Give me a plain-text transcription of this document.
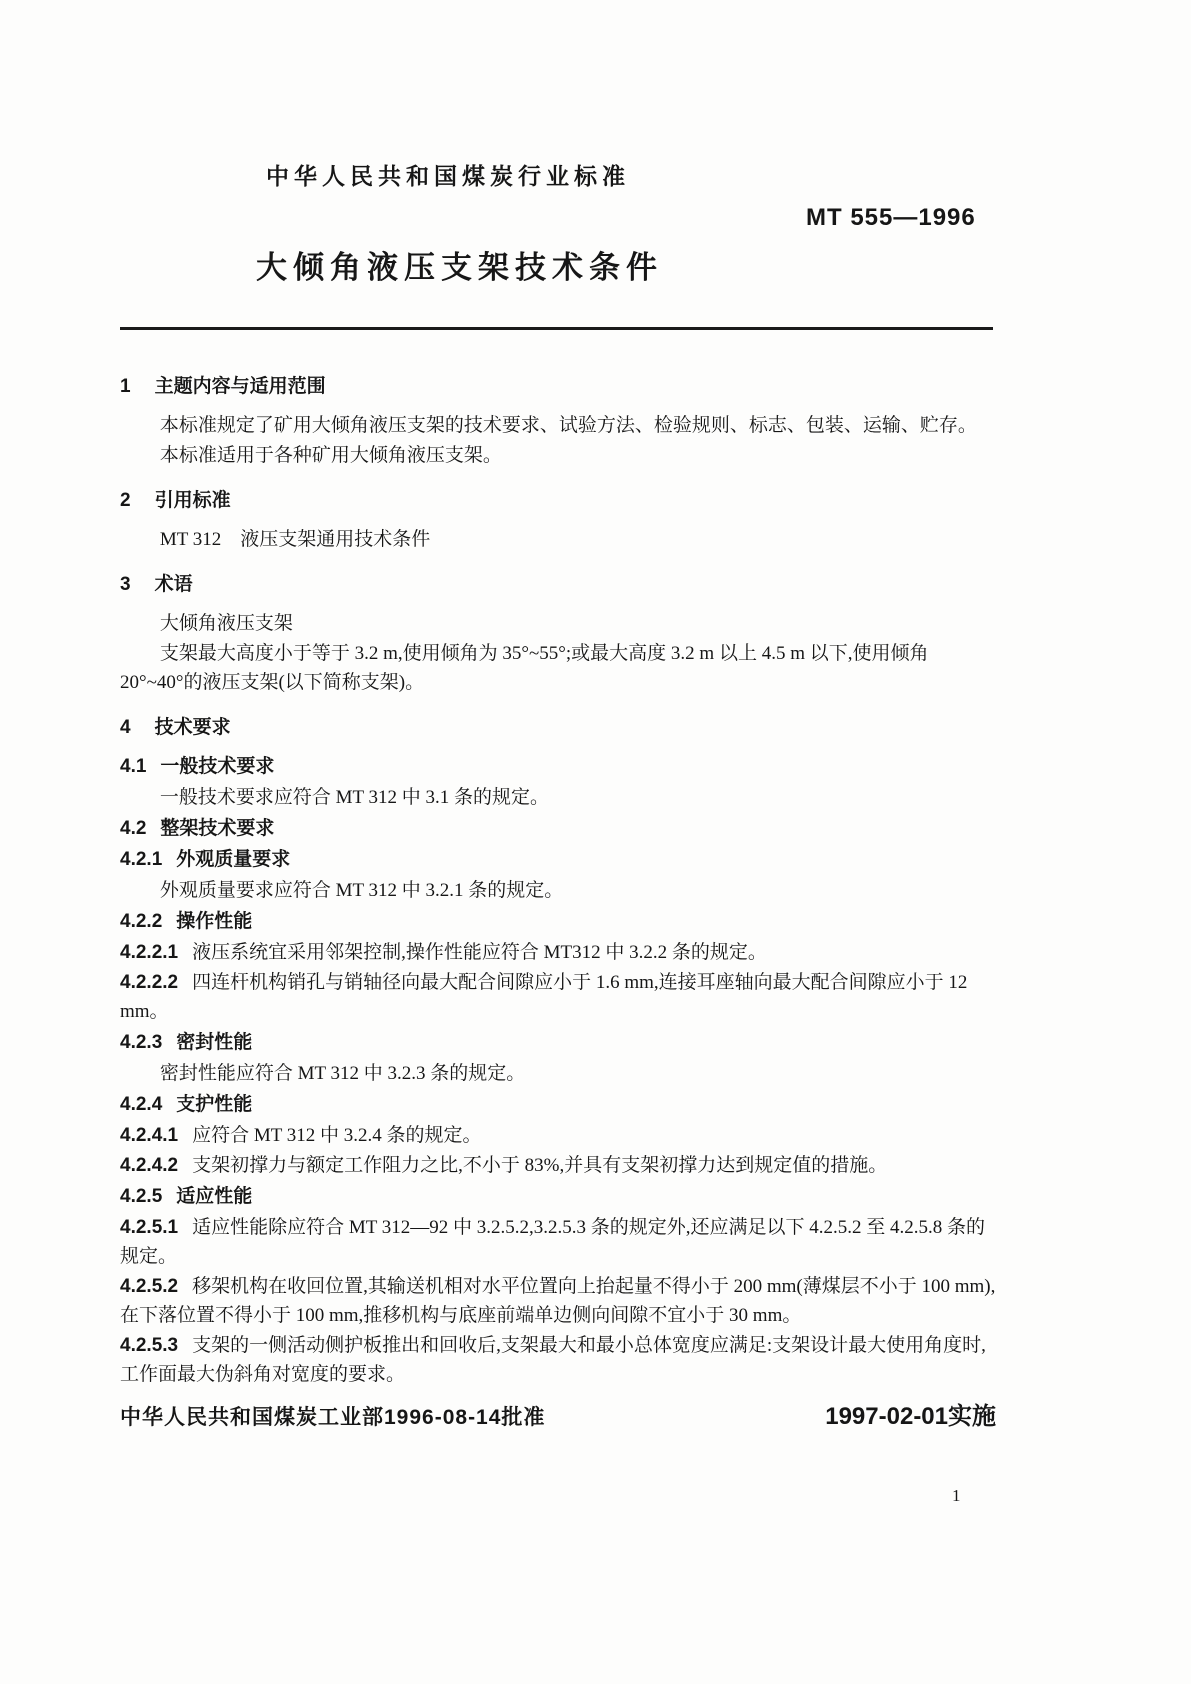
中华人民共和国煤炭行业标准
MT 555—1996
大倾角液压支架技术条件
1 主题内容与适用范围
本标准规定了矿用大倾角液压支架的技术要求、试验方法、检验规则、标志、包装、运输、贮存。
本标准适用于各种矿用大倾角液压支架。
2 引用标准
MT 312　液压支架通用技术条件
3 术语
大倾角液压支架
支架最大高度小于等于 3.2 m,使用倾角为 35°~55°;或最大高度 3.2 m 以上 4.5 m 以下,使用倾角 20°~40°的液压支架(以下简称支架)。
4 技术要求
4.1 一般技术要求
一般技术要求应符合 MT 312 中 3.1 条的规定。
4.2 整架技术要求
4.2.1 外观质量要求
外观质量要求应符合 MT 312 中 3.2.1 条的规定。
4.2.2 操作性能
4.2.2.1 液压系统宜采用邻架控制,操作性能应符合 MT312 中 3.2.2 条的规定。
4.2.2.2 四连杆机构销孔与销轴径向最大配合间隙应小于 1.6 mm,连接耳座轴向最大配合间隙应小于 12 mm。
4.2.3 密封性能
密封性能应符合 MT 312 中 3.2.3 条的规定。
4.2.4 支护性能
4.2.4.1 应符合 MT 312 中 3.2.4 条的规定。
4.2.4.2 支架初撑力与额定工作阻力之比,不小于 83%,并具有支架初撑力达到规定值的措施。
4.2.5 适应性能
4.2.5.1 适应性能除应符合 MT 312—92 中 3.2.5.2,3.2.5.3 条的规定外,还应满足以下 4.2.5.2 至 4.2.5.8 条的规定。
4.2.5.2 移架机构在收回位置,其输送机相对水平位置向上抬起量不得小于 200 mm(薄煤层不小于 100 mm),在下落位置不得小于 100 mm,推移机构与底座前端单边侧向间隙不宜小于 30 mm。
4.2.5.3 支架的一侧活动侧护板推出和回收后,支架最大和最小总体宽度应满足:支架设计最大使用角度时,工作面最大伪斜角对宽度的要求。
中华人民共和国煤炭工业部1996-08-14批准	1997-02-01实施
1
